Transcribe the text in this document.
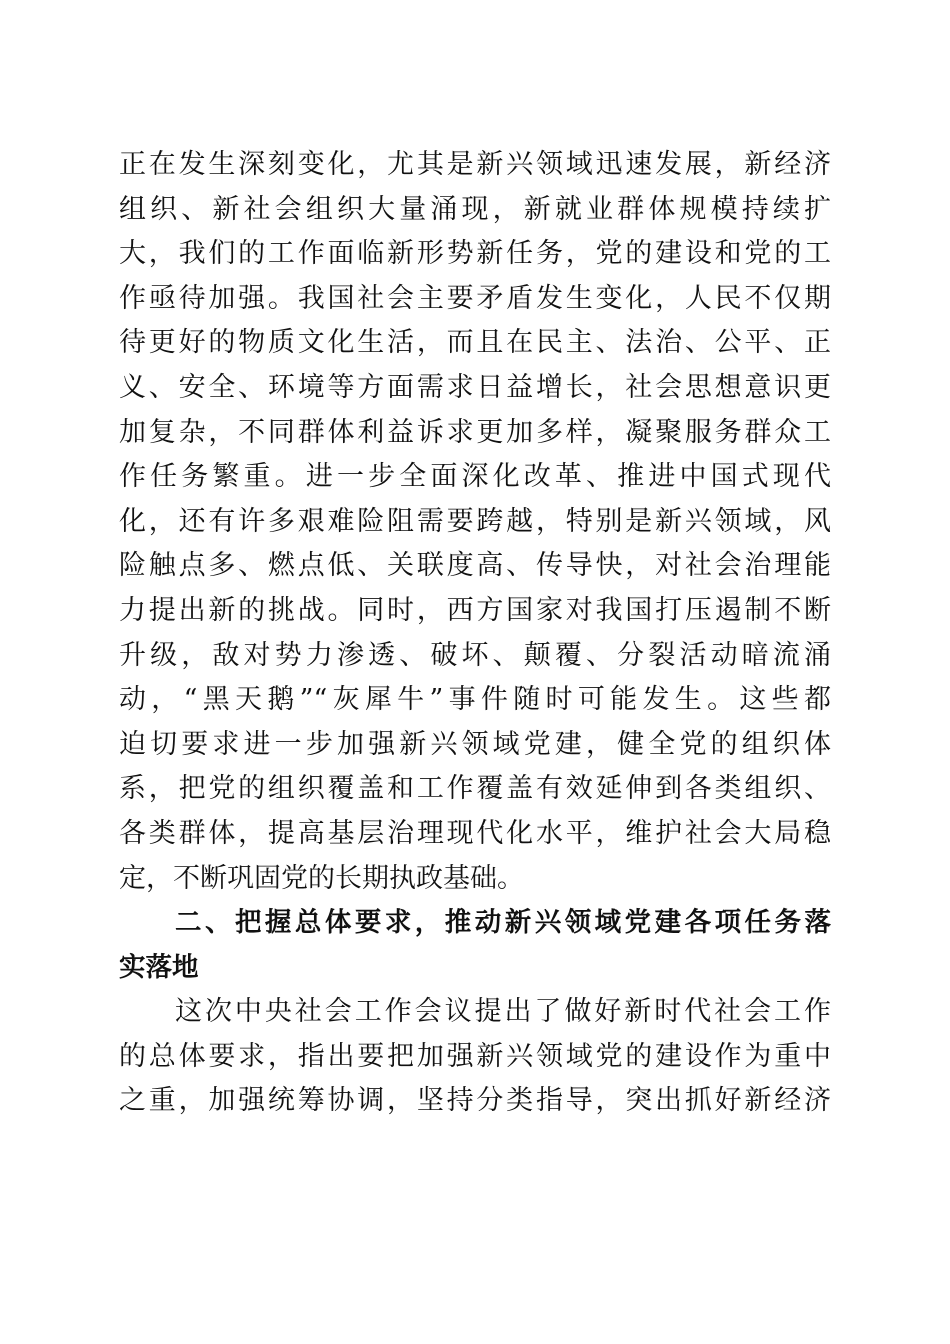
正在发生深刻变化，尤其是新兴领域迅速发展，新经济
组织、新社会组织大量涌现，新就业群体规模持续扩
大，我们的工作面临新形势新任务，党的建设和党的工
作亟待加强。我国社会主要矛盾发生变化，人民不仅期
待更好的物质文化生活，而且在民主、法治、公平、正
义、安全、环境等方面需求日益增长，社会思想意识更
加复杂，不同群体利益诉求更加多样，凝聚服务群众工
作任务繁重。进一步全面深化改革、推进中国式现代
化，还有许多艰难险阻需要跨越，特别是新兴领域，风
险触点多、燃点低、关联度高、传导快，对社会治理能
力提出新的挑战。同时，西方国家对我国打压遏制不断
升级，敌对势力渗透、破坏、颠覆、分裂活动暗流涌
动，“黑天鹅”“灰犀牛”事件随时可能发生。这些都
迫切要求进一步加强新兴领域党建，健全党的组织体
系，把党的组织覆盖和工作覆盖有效延伸到各类组织、
各类群体，提高基层治理现代化水平，维护社会大局稳
定，不断巩固党的长期执政基础。
二、把握总体要求，推动新兴领域党建各项任务落
实落地
这次中央社会工作会议提出了做好新时代社会工作
的总体要求，指出要把加强新兴领域党的建设作为重中
之重，加强统筹协调，坚持分类指导，突出抓好新经济
